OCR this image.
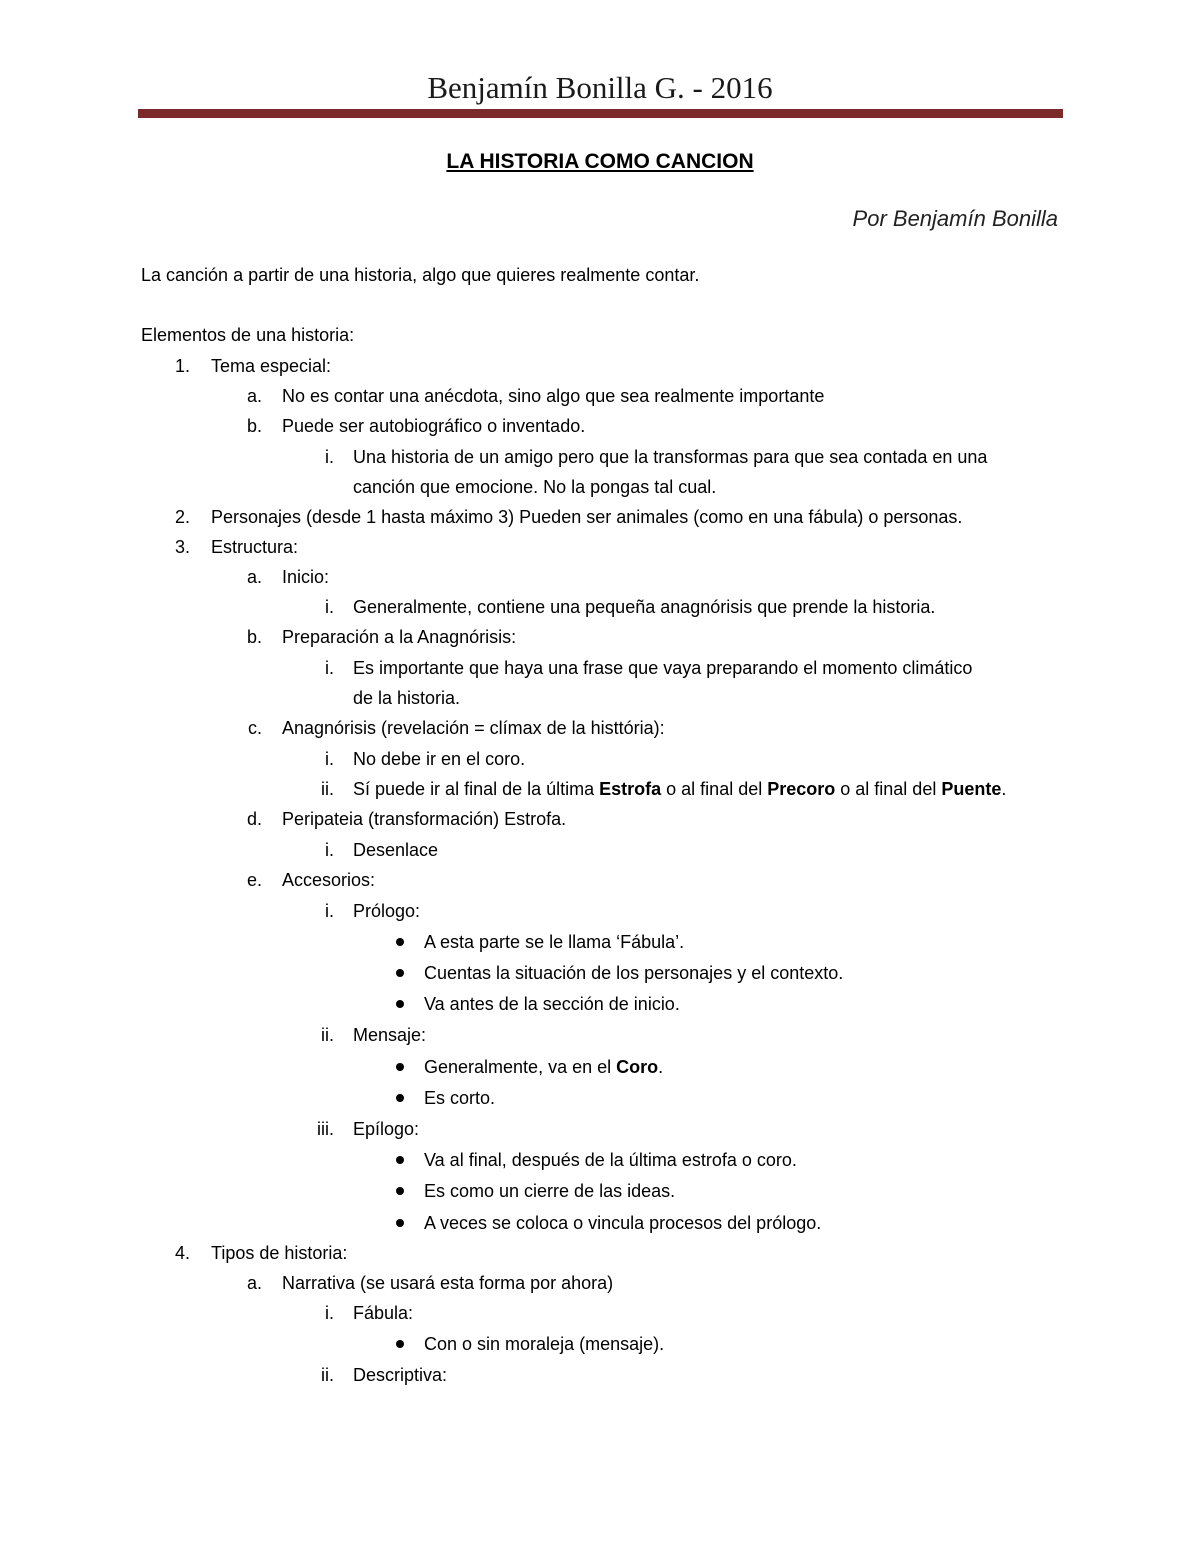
Benjamín Bonilla G. - 2016
LA HISTORIA COMO CANCION
Por Benjamín Bonilla
La canción a partir de una historia, algo que quieres realmente contar.
Elementos de una historia:
1. Tema especial:
a. No es contar una anécdota, sino algo que sea realmente importante
b. Puede ser autobiográfico o inventado.
i. Una historia de un amigo pero que la transformas para que sea contada en una
canción que emocione. No la pongas tal cual.
2. Personajes (desde 1 hasta máximo 3) Pueden ser animales (como en una fábula) o personas.
3. Estructura:
a. Inicio:
i. Generalmente, contiene una pequeña anagnórisis que prende la historia.
b. Preparación a la Anagnórisis:
i. Es importante que haya una frase que vaya preparando el momento climático
de la historia.
c. Anagnórisis (revelación = clímax de la histtória):
i. No debe ir en el coro.
ii. Sí puede ir al final de la última Estrofa o al final del Precoro o al final del Puente.
d. Peripateia (transformación) Estrofa.
i. Desenlace
e. Accesorios:
i. Prólogo:
A esta parte se le llama ‘Fábula’.
Cuentas la situación de los personajes y el contexto.
Va antes de la sección de inicio.
ii. Mensaje:
Generalmente, va en el Coro.
Es corto.
iii. Epílogo:
Va al final, después de la última estrofa o coro.
Es como un cierre de las ideas.
A veces se coloca o vincula procesos del prólogo.
4. Tipos de historia:
a. Narrativa (se usará esta forma por ahora)
i. Fábula:
Con o sin moraleja (mensaje).
ii. Descriptiva:
